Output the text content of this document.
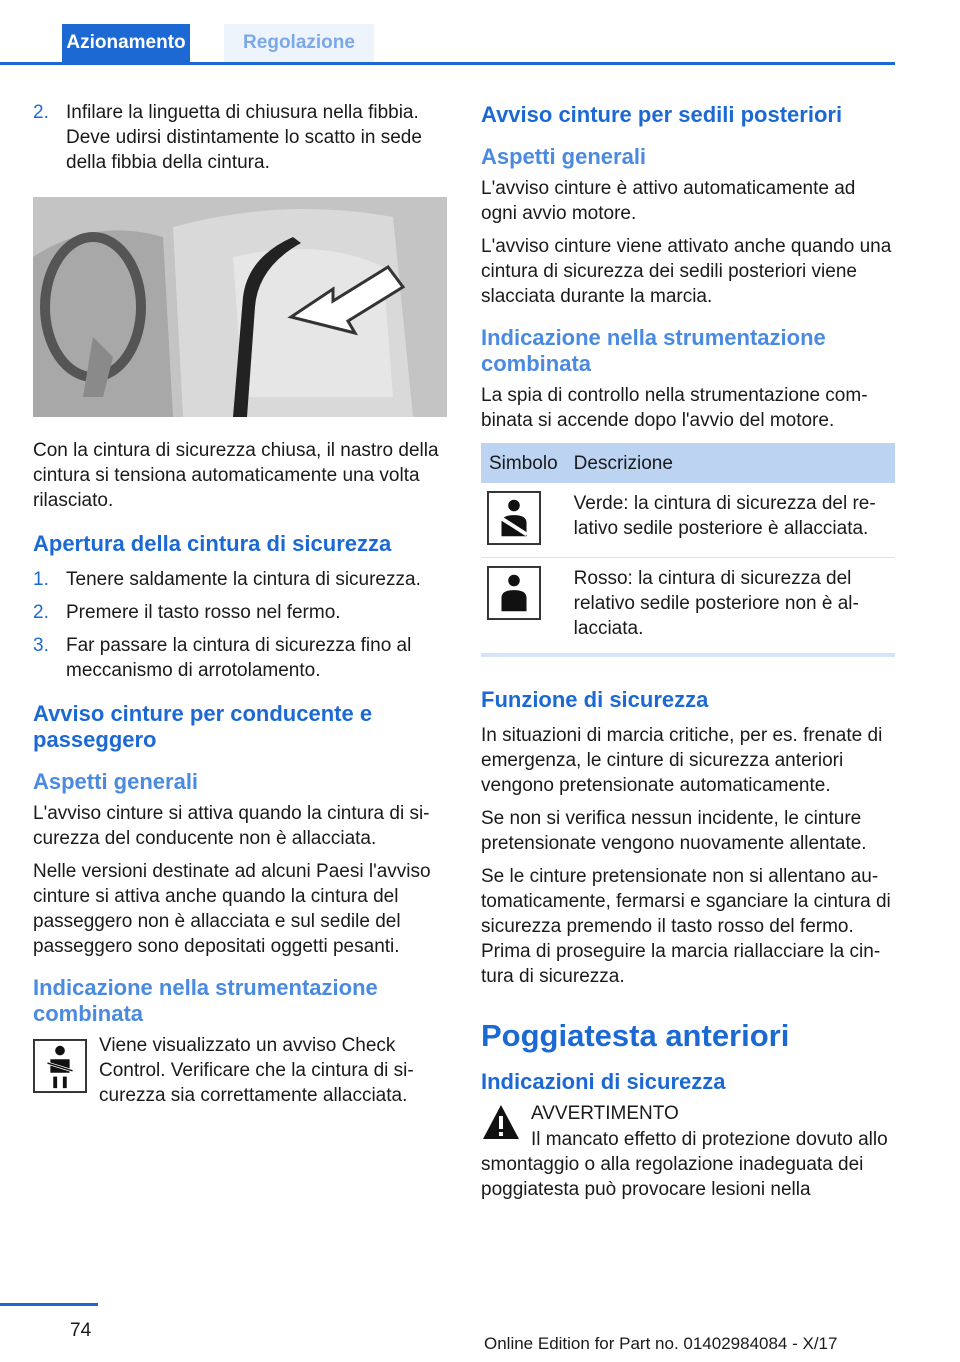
Azionamento	Regolazione
2. Infilare la linguetta di chiusura nella fibbia. Deve udirsi distintamente lo scatto in sede della fibbia della cintura.

Con la cintura di sicurezza chiusa, il nastro della cintura si tensiona automaticamente una volta rilasciato.

Apertura della cintura di sicurezza
1. Tenere saldamente la cintura di sicurezza.
2. Premere il tasto rosso nel fermo.
3. Far passare la cintura di sicurezza fino al meccanismo di arrotolamento.
Avviso cinture per conducente e passeggero
Aspetti generali

L'avviso cinture si attiva quando la cintura di sicurezza del conducente non è allacciata.

Nelle versioni destinate ad alcuni Paesi l'avviso cinture si attiva anche quando la cintura del passeggero non è allacciata e sul sedile del passeggero sono depositati oggetti pesanti.

Indicazione nella strumentazione combinata
Viene visualizzato un avviso Check Control. Verificare che la cintura di sicurezza sia correttamente allacciata.
Avviso cinture per sedili posteriori
Aspetti generali

L'avviso cinture è attivo automaticamente ad ogni avvio motore.

L'avviso cinture viene attivato anche quando una cintura di sicurezza dei sedili posteriori viene slacciata durante la marcia.

Indicazione nella strumentazione combinata

La spia di controllo nella strumentazione combinata si accende dopo l'avvio del motore.

Simbolo	Descrizione

	Verde: la cintura di sicurezza del relativo sedile posteriore è allacciata.

	Rosso: la cintura di sicurezza del relativo sedile posteriore non è allacciata.
Funzione di sicurezza

In situazioni di marcia critiche, per es. frenate di emergenza, le cinture di sicurezza anteriori vengono pretensionate automaticamente.

Se non si verifica nessun incidente, le cinture pretensionate vengono nuovamente allentate.

Se le cinture pretensionate non si allentano automaticamente, fermarsi e sganciare la cintura di sicurezza premendo il tasto rosso del fermo. Prima di proseguire la marcia riallacciare la cintura di sicurezza.

Poggiatesta anteriori
Indicazioni di sicurezza
AVVERTIMENTO
Il mancato effetto di protezione dovuto allo smontaggio o alla regolazione inadeguata dei poggiatesta può provocare lesioni nella
74
Online Edition for Part no. 01402984084 - X/17
